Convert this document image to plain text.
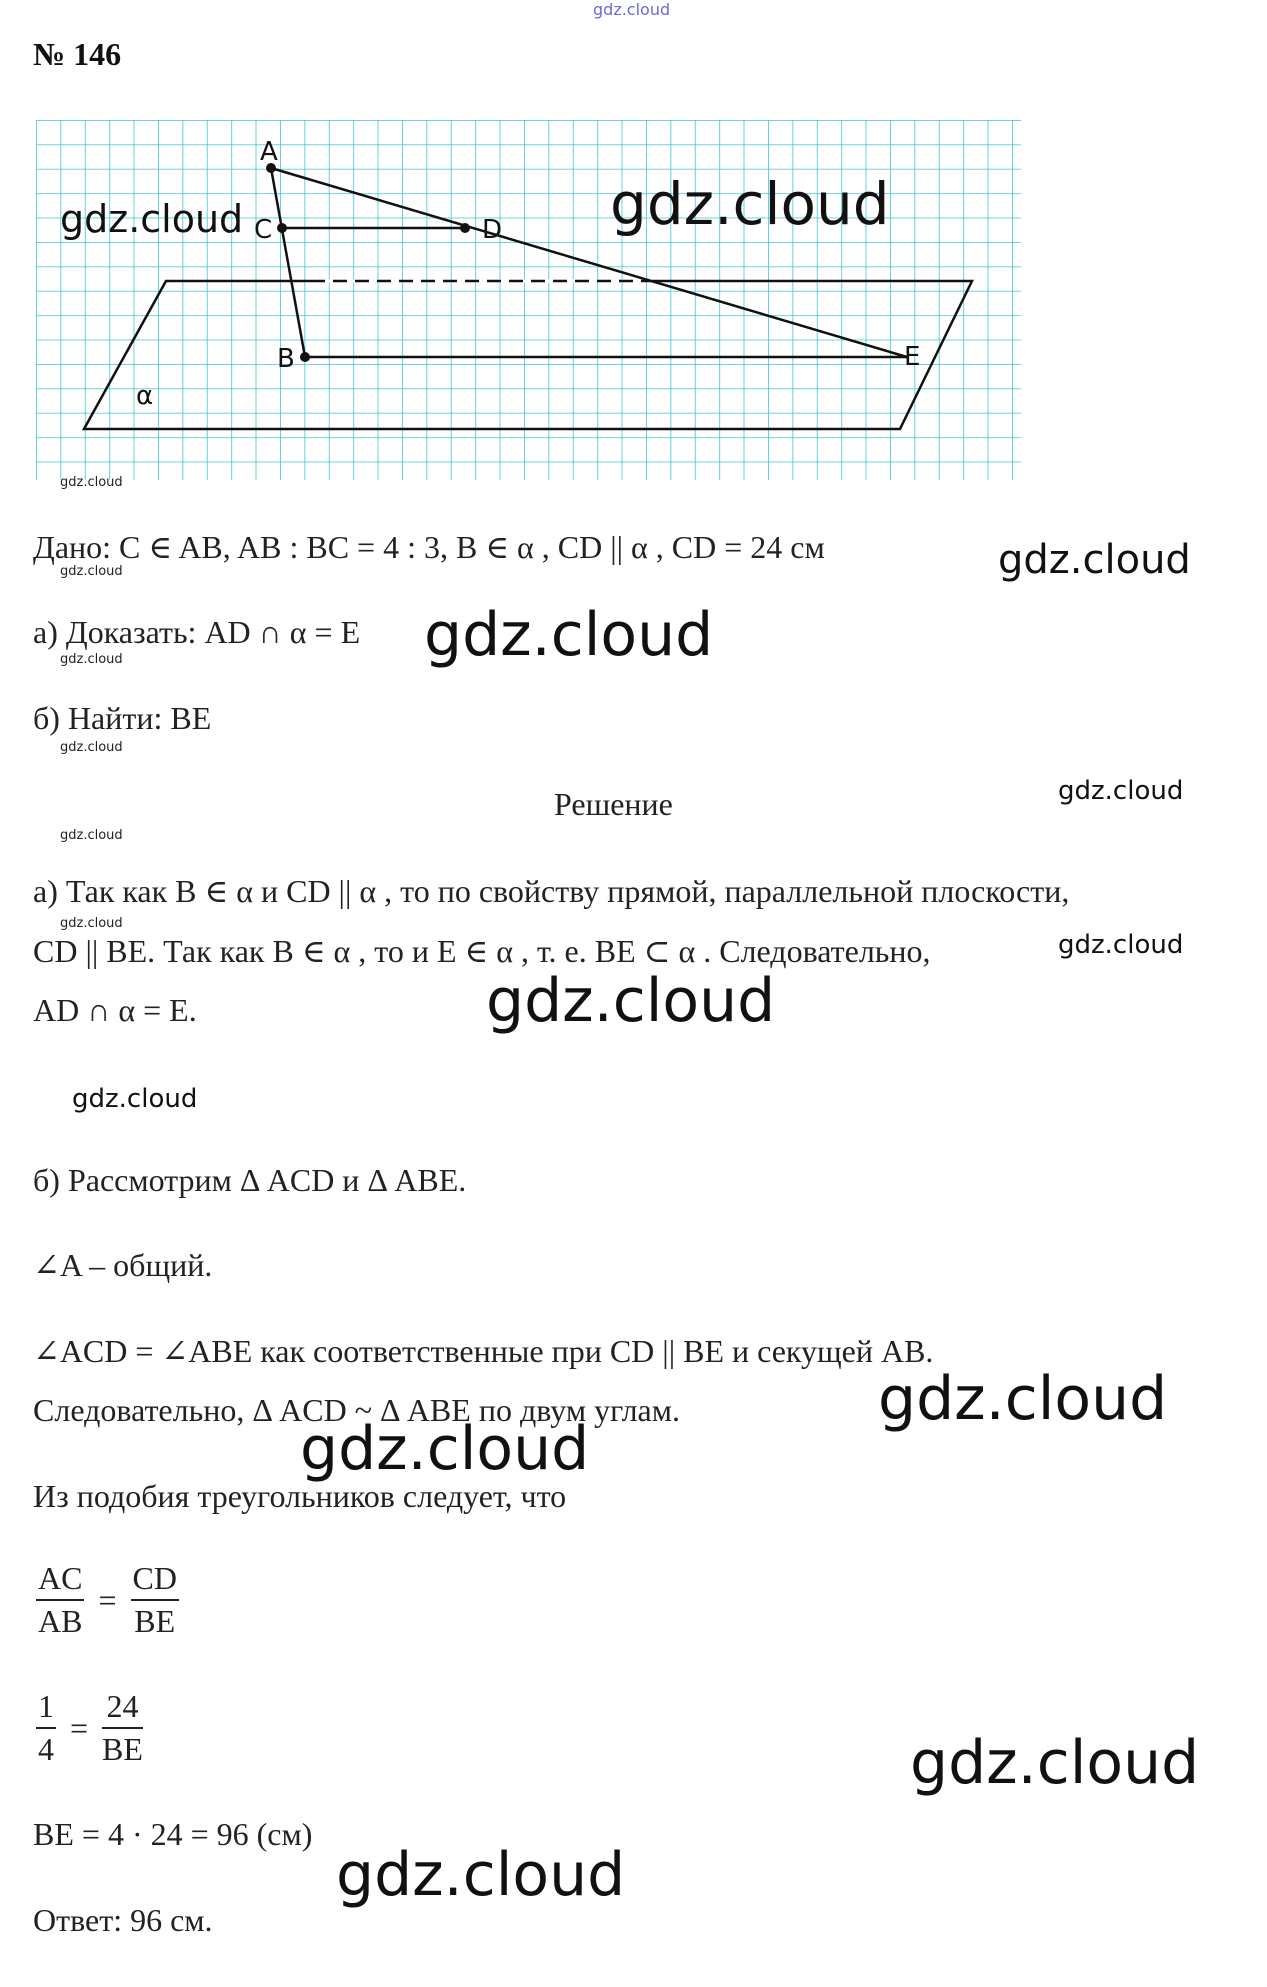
gdz.cloud
№ 146
A
C	D
B	E
α
gdz.cloud	gdz.cloud
gdz.cloud
Дано: C ∈ AB, AB : BC = 4 : 3, B ∈ α , CD || α , CD = 24 см
gdz.cloud	gdz.cloud
а) Доказать: AD ∩ α = E gdz.cloud
gdz.cloud
б) Найти: BE
gdz.cloud
Решение	gdz.cloud
gdz.cloud
а) Так как B ∈ α и CD || α , то по свойству прямой, параллельной плоскости,
gdz.cloud
CD || BE. Так как B ∈ α , то и E ∈ α , т. е. BE ⊂ α . Следовательно,	gdz.cloud
AD ∩ α = E.	gdz.cloud
gdz.cloud
б) Рассмотрим Δ ACD и Δ ABE.
∠A – общий.
∠ACD = ∠ABE как соответственные при CD || BE и секущей AB.
Следовательно, Δ ACD ~ Δ ABE по двум углам.	gdz.cloud
gdz.cloud
Из подобия треугольников следует, что
$\frac{AC}{AB} = \frac{CD}{BE}$
$\frac{1}{4} = \frac{24}{BE}$	gdz.cloud
BE = 4 · 24 = 96 (см)
gdz.cloud
Ответ: 96 см.
